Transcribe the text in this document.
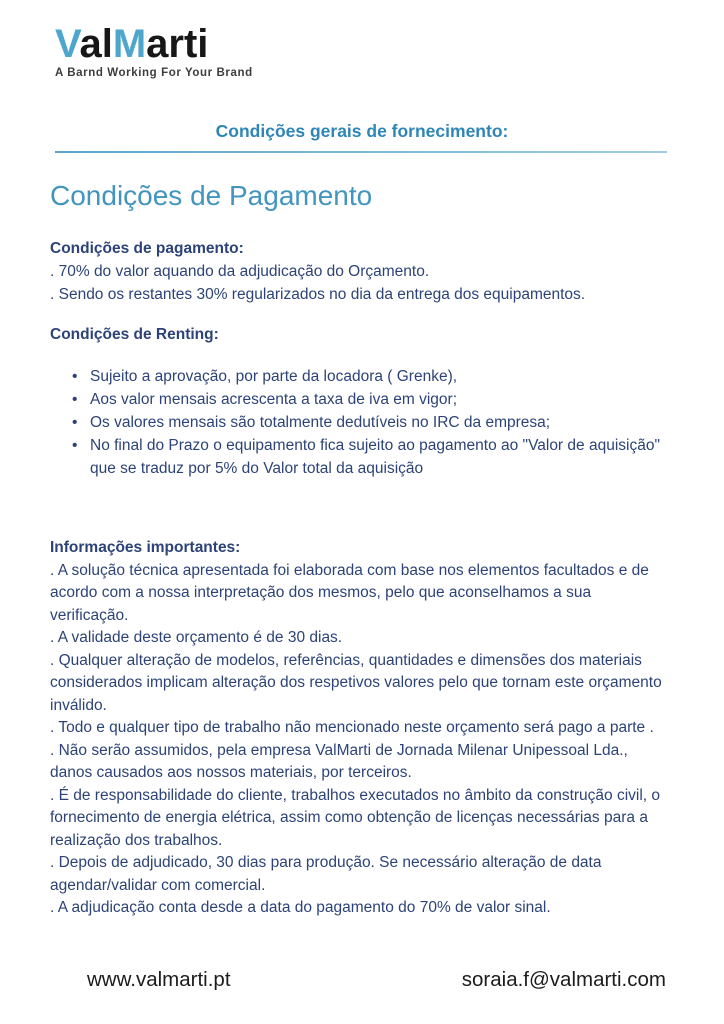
ValMarti
A Barnd Working For Your Brand
Condições gerais de fornecimento:
Condições de Pagamento
Condições de pagamento:

. 70% do valor aquando da adjudicação do Orçamento.

. Sendo os restantes 30% regularizados no dia da entrega dos equipamentos.

Condições de Renting:
• Sujeito a aprovação, por parte da locadora ( Grenke),
• Aos valor mensais acrescenta a taxa de iva em vigor;
• Os valores mensais são totalmente dedutíveis no IRC da empresa;
• No final do Prazo o equipamento fica sujeito ao pagamento ao "Valor de aquisição" que se traduz por 5% do Valor total da aquisição
Informações importantes:

. A solução técnica apresentada foi elaborada com base nos elementos facultados e de acordo com a nossa interpretação dos mesmos, pelo que aconselhamos a sua verificação.

. A validade deste orçamento é de 30 dias.

. Qualquer alteração de modelos, referências, quantidades e dimensões dos materiais considerados implicam alteração dos respetivos valores pelo que tornam este orçamento inválido.

. Todo e qualquer tipo de trabalho não mencionado neste orçamento será pago a parte .

. Não serão assumidos, pela empresa ValMarti de Jornada Milenar Unipessoal Lda., danos causados aos nossos materiais, por terceiros.

. É de responsabilidade do cliente, trabalhos executados no âmbito da construção civil, o fornecimento de energia elétrica, assim como obtenção de licenças necessárias para a realização dos trabalhos.

. Depois de adjudicado, 30 dias para produção. Se necessário alteração de data agendar/validar com comercial.

. A adjudicação conta desde a data do pagamento do 70% de valor sinal.

www.valmarti.pt	soraia.f@valmarti.com
